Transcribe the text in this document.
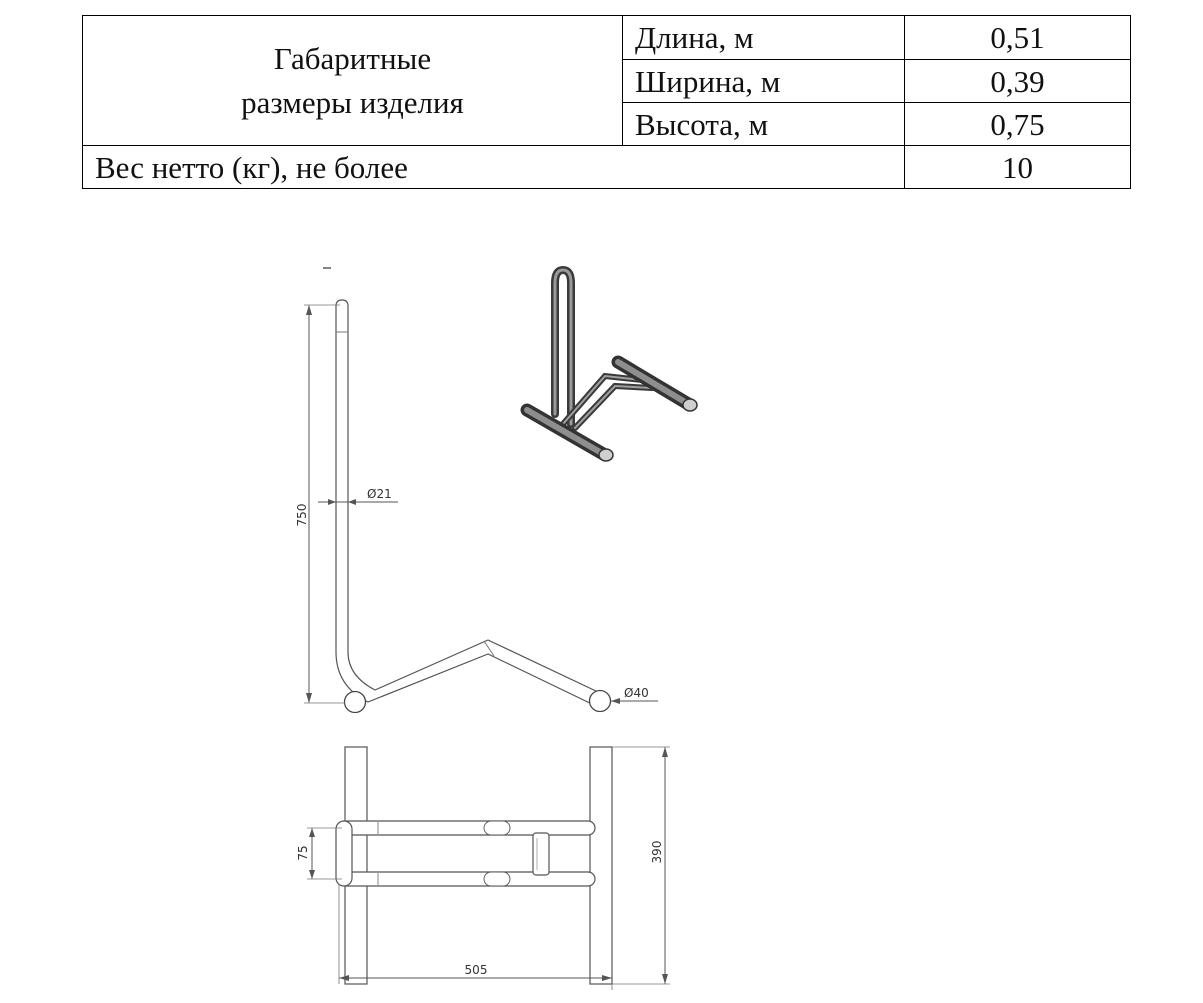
Габаритные
размеры изделия	Длина, м	0,51
	Ширина, м	0,39
	Высота, м	0,75
Вес нетто (кг), не более		10
750
Ø21
Ø40
390
75
505
